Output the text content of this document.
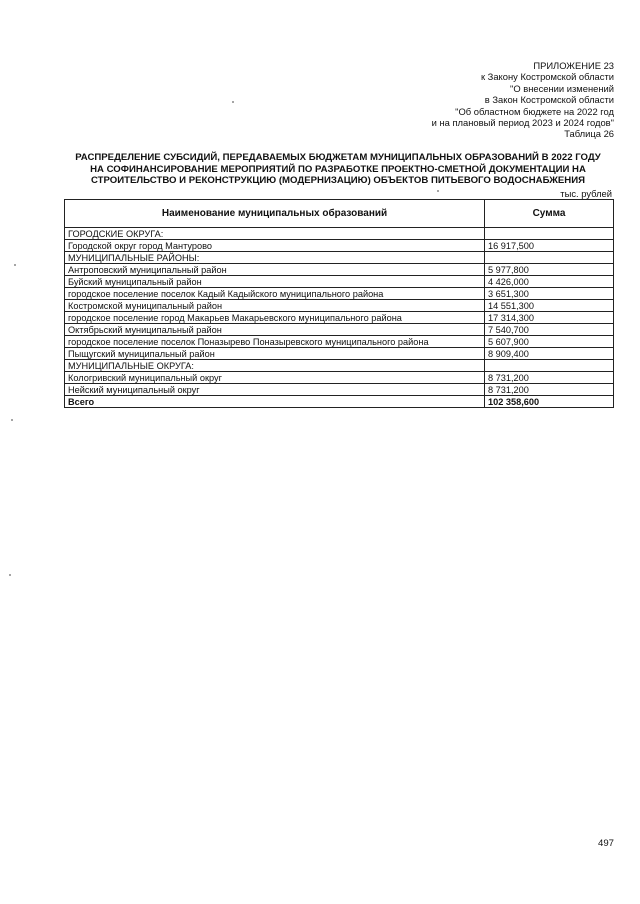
ПРИЛОЖЕНИЕ 23
к Закону Костромской области
"О внесении изменений
в Закон Костромской области
"Об областном бюджете на 2022 год
и на плановый период 2023 и 2024 годов"
Таблица 26
РАСПРЕДЕЛЕНИЕ СУБСИДИЙ, ПЕРЕДАВАЕМЫХ БЮДЖЕТАМ МУНИЦИПАЛЬНЫХ ОБРАЗОВАНИЙ В 2022 ГОДУ
НА СОФИНАНСИРОВАНИЕ МЕРОПРИЯТИЙ ПО РАЗРАБОТКЕ ПРОЕКТНО-СМЕТНОЙ ДОКУМЕНТАЦИИ НА
СТРОИТЕЛЬСТВО И РЕКОНСТРУКЦИЮ (МОДЕРНИЗАЦИЮ) ОБЪЕКТОВ ПИТЬЕВОГО ВОДОСНАБЖЕНИЯ
тыс. рублей
Наименование муниципальных образований	Сумма
ГОРОДСКИЕ ОКРУГА:	
Городской округ город Мантурово	16 917,500
МУНИЦИПАЛЬНЫЕ РАЙОНЫ:	
Антроповский муниципальный район	5 977,800
Буйский муниципальный район	4 426,000
городское поселение поселок Кадый Кадыйского муниципального района	3 651,300
Костромской муниципальный район	14 551,300
городское поселение город Макарьев Макарьевского муниципального района	17 314,300
Октябрьский муниципальный район	7 540,700
городское поселение поселок Поназырево Поназыревского муниципального района	5 607,900
Пыщугский муниципальный район	8 909,400
МУНИЦИПАЛЬНЫЕ ОКРУГА:	
Кологривский муниципальный округ	8 731,200
Нейский муниципальный округ	8 731,200
Всего	102 358,600
497
